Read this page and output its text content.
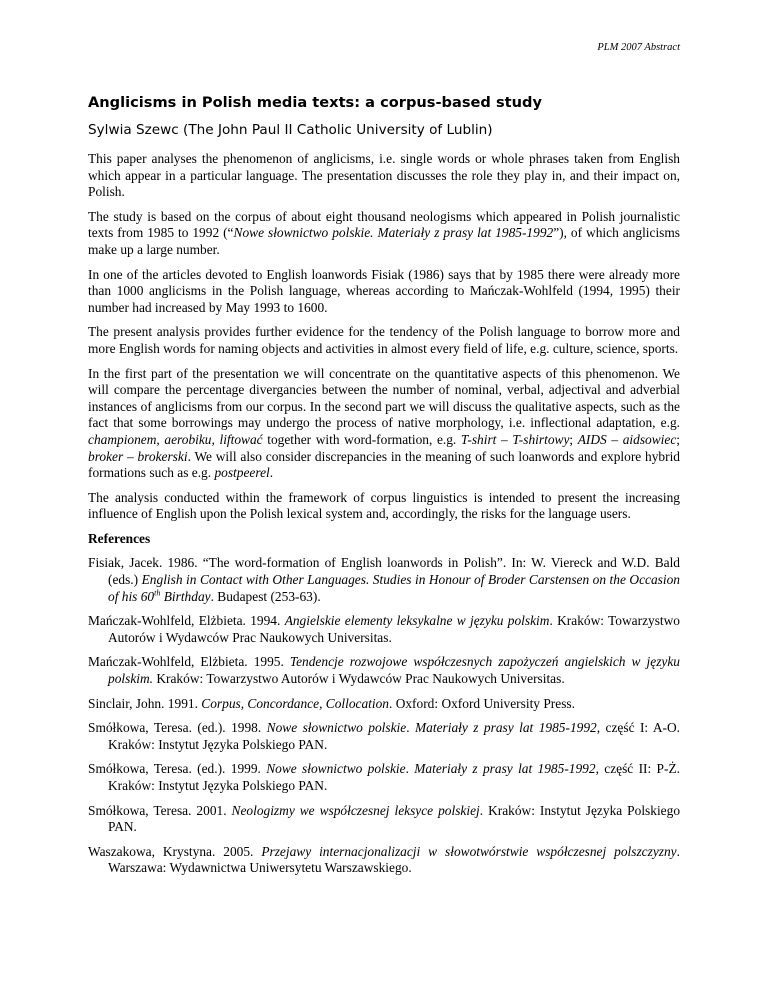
PLM 2007 Abstract
Anglicisms in Polish media texts: a corpus-based study
Sylwia Szewc (The John Paul II Catholic University of Lublin)

This paper analyses the phenomenon of anglicisms, i.e. single words or whole phrases taken from English which appear in a particular language. The presentation discusses the role they play in, and their impact on, Polish.

The study is based on the corpus of about eight thousand neologisms which appeared in Polish journalistic texts from 1985 to 1992 (“Nowe słownictwo polskie. Materiały z prasy lat 1985-1992”), of which anglicisms make up a large number.

In one of the articles devoted to English loanwords Fisiak (1986) says that by 1985 there were already more than 1000 anglicisms in the Polish language, whereas according to Mańczak-Wohlfeld (1994, 1995) their number had increased by May 1993 to 1600.

The present analysis provides further evidence for the tendency of the Polish language to borrow more and more English words for naming objects and activities in almost every field of life, e.g. culture, science, sports.

In the first part of the presentation we will concentrate on the quantitative aspects of this phenomenon. We will compare the percentage divergancies between the number of nominal, verbal, adjectival and adverbial instances of anglicisms from our corpus. In the second part we will discuss the qualitative aspects, such as the fact that some borrowings may undergo the process of native morphology, i.e. inflectional adaptation, e.g. championem, aerobiku, liftować together with word-formation, e.g. T-shirt – T-shirtowy; AIDS – aidsowiec; broker – brokerski. We will also consider discrepancies in the meaning of such loanwords and explore hybrid formations such as e.g. postpeerel.

The analysis conducted within the framework of corpus linguistics is intended to present the increasing influence of English upon the Polish lexical system and, accordingly, the risks for the language users.

References

Fisiak, Jacek. 1986. “The word-formation of English loanwords in Polish”. In: W. Viereck and W.D. Bald (eds.) English in Contact with Other Languages. Studies in Honour of Broder Carstensen on the Occasion of his 60th Birthday. Budapest (253-63).

Mańczak-Wohlfeld, Elżbieta. 1994. Angielskie elementy leksykalne w języku polskim. Kraków: Towarzystwo Autorów i Wydawców Prac Naukowych Universitas.

Mańczak-Wohlfeld, Elżbieta. 1995. Tendencje rozwojowe współczesnych zapożyczeń angielskich w języku polskim. Kraków: Towarzystwo Autorów i Wydawców Prac Naukowych Universitas.

Sinclair, John. 1991. Corpus, Concordance, Collocation. Oxford: Oxford University Press.

Smółkowa, Teresa. (ed.). 1998. Nowe słownictwo polskie. Materiały z prasy lat 1985-1992, część I: A-O. Kraków: Instytut Języka Polskiego PAN.

Smółkowa, Teresa. (ed.). 1999. Nowe słownictwo polskie. Materiały z prasy lat 1985-1992, część II: P-Ż. Kraków: Instytut Języka Polskiego PAN.

Smółkowa, Teresa. 2001. Neologizmy we współczesnej leksyce polskiej. Kraków: Instytut Języka Polskiego PAN.

Waszakowa, Krystyna. 2005. Przejawy internacjonalizacji w słowotwórstwie współczesnej polszczyzny. Warszawa: Wydawnictwa Uniwersytetu Warszawskiego.
